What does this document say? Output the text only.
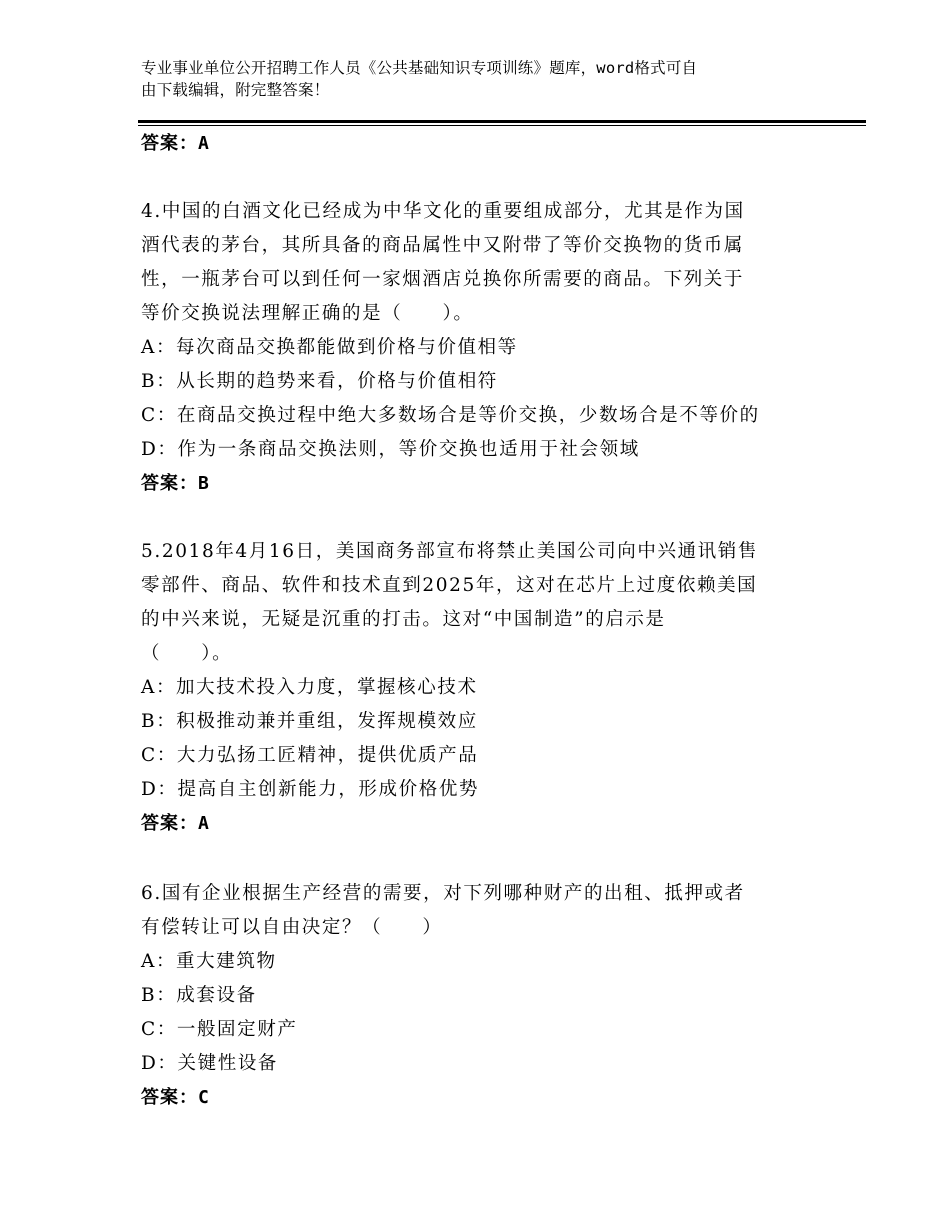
专业事业单位公开招聘工作人员《公共基础知识专项训练》题库，word格式可自
由下载编辑，附完整答案！
答案：A
4.中国的白酒文化已经成为中华文化的重要组成部分，尤其是作为国
酒代表的茅台，其所具备的商品属性中又附带了等价交换物的货币属
性，一瓶茅台可以到任何一家烟酒店兑换你所需要的商品。下列关于
等价交换说法理解正确的是（　　）。
A：每次商品交换都能做到价格与价值相等
B：从长期的趋势来看，价格与价值相符
C：在商品交换过程中绝大多数场合是等价交换，少数场合是不等价的
D：作为一条商品交换法则，等价交换也适用于社会领域
答案：B
5.2018年4月16日，美国商务部宣布将禁止美国公司向中兴通讯销售
零部件、商品、软件和技术直到2025年，这对在芯片上过度依赖美国
的中兴来说，无疑是沉重的打击。这对“中国制造”的启示是
（　　）。
A：加大技术投入力度，掌握核心技术
B：积极推动兼并重组，发挥规模效应
C：大力弘扬工匠精神，提供优质产品
D：提高自主创新能力，形成价格优势
答案：A
6.国有企业根据生产经营的需要，对下列哪种财产的出租、抵押或者
有偿转让可以自由决定？（　　）
A：重大建筑物
B：成套设备
C：一般固定财产
D：关键性设备
答案：C
